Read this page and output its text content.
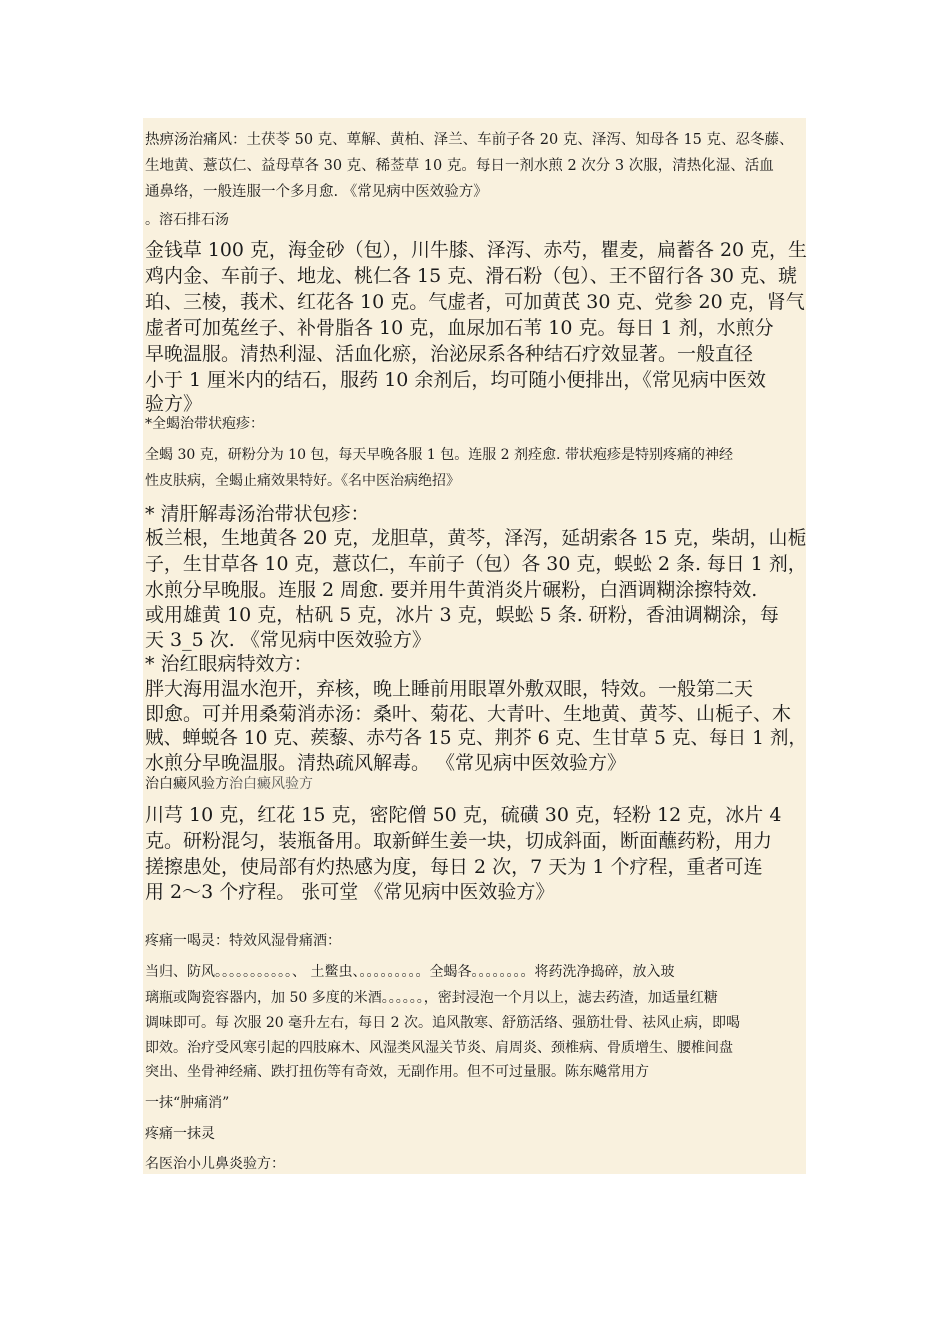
热痹汤治痛风：土茯苓 50 克、萆解、黄柏、泽兰、车前子各 20 克、泽泻、知母各 15 克、忍冬藤、
生地黄、薏苡仁、益母草各 30 克、稀莶草 10 克。每日一剂水煎 2 次分 3 次服，清热化湿、活血
通鼻络，一般连服一个多月愈. 《常见病中医效验方》
。溶石排石汤
金钱草 100 克，海金砂（包），川牛膝、泽泻、赤芍，瞿麦，扁蓄各 20 克，生
鸡内金、车前子、地龙、桃仁各 15 克、滑石粉（包）、王不留行各 30 克、琥
珀、三棱，莪术、红花各 10 克。气虚者，可加黄芪 30 克、党参 20 克，肾气
虚者可加菟丝子、补骨脂各 10 克，血尿加石苇 10 克。每日 1 剂，水煎分
早晚温服。清热利湿、活血化瘀，治泌尿系各种结石疗效显著。一般直径
小于 1 厘米内的结石，服药 10 余剂后，均可随小便排出，《常见病中医效
验方》
*全蝎治带状疱疹：
全蝎 30 克，研粉分为 10 包，每天早晚各服 1 包。连服 2 剂痊愈. 带状疱疹是特别疼痛的神经
性皮肤病，全蝎止痛效果特好。《名中医治病绝招》
* 清肝解毒汤治带状包疹：
板兰根，生地黄各 20 克，龙胆草，黄芩，泽泻，延胡索各 15 克，柴胡，山栀
子，生甘草各 10 克，薏苡仁，车前子（包）各 30 克，蜈蚣 2 条. 每日 1 剂，
水煎分早晚服。连服 2 周愈. 要并用牛黄消炎片碾粉，白酒调糊涂擦特效.
或用雄黄 10 克，枯矾 5 克，冰片 3 克，蜈蚣 5 条. 研粉，香油调糊涂，每
天 3_5 次. 《常见病中医效验方》
* 治红眼病特效方：
胖大海用温水泡开，弃核，晚上睡前用眼罩外敷双眼，特效。一般第二天
即愈。可并用桑菊消赤汤：桑叶、菊花、大青叶、生地黄、黄芩、山栀子、木
贼、蝉蜕各 10 克、蒺藜、赤芍各 15 克、荆芥 6 克、生甘草 5 克、每日 1 剂，
水煎分早晚温服。清热疏风解毒。 《常见病中医效验方》
治白癜风验方治白癜风验方
川芎 10 克，红花 15 克，密陀僧 50 克，硫磺 30 克，轻粉 12 克，冰片 4
克。研粉混匀，装瓶备用。取新鲜生姜一块，切成斜面，断面蘸药粉，用力
搓擦患处，使局部有灼热感为度，每日 2 次，7 天为 1 个疗程，重者可连
用 2～3 个疗程。 张可堂 《常见病中医效验方》
疼痛一喝灵：特效风湿骨痛酒：
当归、防风。。。。。。。。。。。、 土鳖虫、。。。。。。。。。全蝎各。。。。。。。。将药洗净捣碎，放入玻
璃瓶或陶瓷容器内，加 50 多度的米酒。。。。。。，密封浸泡一个月以上，滤去药渣，加适量红糖
调味即可。每 次服 20 毫升左右，每日 2 次。追风散寒、舒筋活络、强筋壮骨、祛风止病，即喝
即效。治疗受风寒引起的四肢麻木、风湿类风湿关节炎、肩周炎、颈椎病、骨质增生、腰椎间盘
突出、坐骨神经痛、跌打扭伤等有奇效，无副作用。但不可过量服。陈东飚常用方
一抹“肿痛消”
疼痛一抹灵
名医治小儿鼻炎验方：
